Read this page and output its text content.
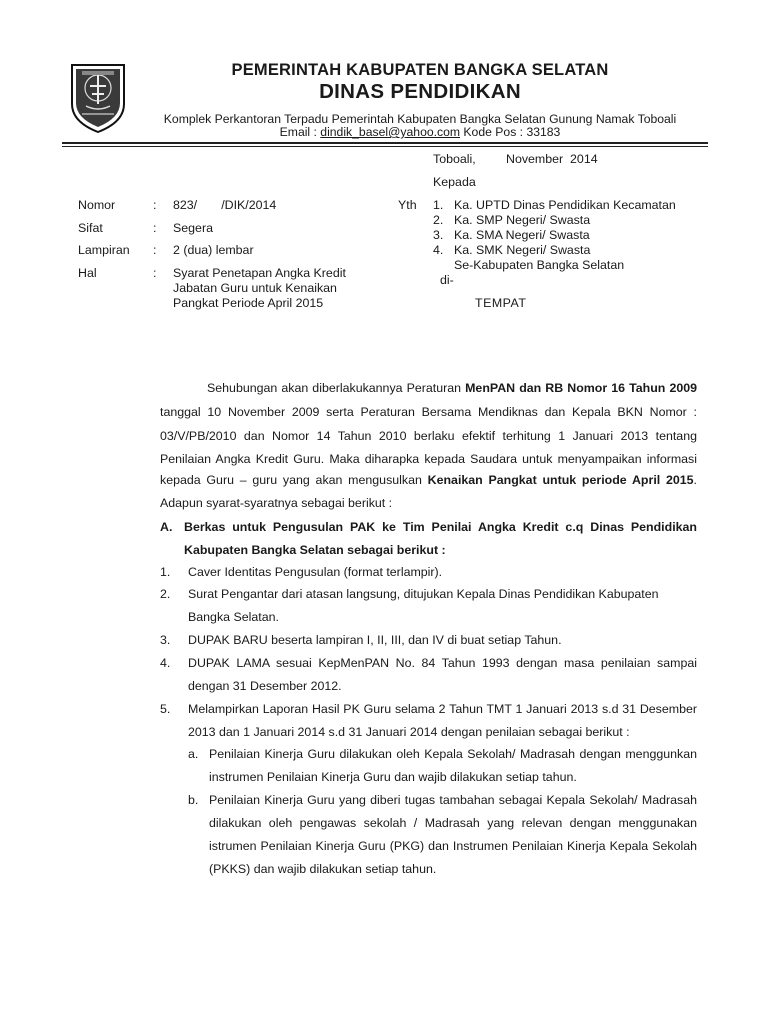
PEMERINTAH KABUPATEN BANGKA SELATAN
DINAS PENDIDIKAN
Komplek Perkantoran Terpadu Pemerintah Kabupaten Bangka Selatan Gunung Namak Toboali
Email : dindik_basel@yahoo.com Kode Pos : 33183
Toboali, November  2014
Kepada
Nomor	: 823/       /DIK/2014
Sifat	: Segera
Lampiran : 2 (dua) lembar
Hal	: Syarat Penetapan Angka Kredit
Jabatan Guru untuk Kenaikan
Pangkat Periode April 2015
Yth 1. Ka. UPTD Dinas Pendidikan Kecamatan
2. Ka. SMP Negeri/ Swasta
3. Ka. SMA Negeri/ Swasta
4. Ka. SMK Negeri/ Swasta
Se-Kabupaten Bangka Selatan
di-
TEMPAT
Sehubungan akan diberlakukannya Peraturan MenPAN dan RB Nomor 16 Tahun 2009
tanggal 10 November 2009 serta Peraturan Bersama Mendiknas dan Kepala BKN Nomor :
03/V/PB/2010 dan Nomor 14 Tahun 2010 berlaku efektif terhitung 1 Januari 2013 tentang
Penilaian Angka Kredit Guru. Maka diharapka kepada Saudara untuk menyampaikan informasi
kepada Guru – guru yang akan mengusulkan Kenaikan Pangkat untuk periode April 2015.
Adapun syarat-syaratnya sebagai berikut :
A. Berkas untuk Pengusulan PAK ke Tim Penilai Angka Kredit c.q Dinas Pendidikan
Kabupaten Bangka Selatan sebagai berikut :
1. Caver Identitas Pengusulan (format terlampir).
2. Surat Pengantar dari atasan langsung, ditujukan Kepala Dinas Pendidikan Kabupaten
Bangka Selatan.
3. DUPAK BARU beserta lampiran I, II, III, dan IV di buat setiap Tahun.
4. DUPAK LAMA sesuai KepMenPAN No. 84 Tahun 1993 dengan masa penilaian sampai
dengan 31 Desember 2012.
5. Melampirkan Laporan Hasil PK Guru selama 2 Tahun TMT 1 Januari 2013 s.d 31 Desember
2013 dan 1 Januari 2014 s.d 31 Januari 2014 dengan penilaian sebagai berikut :
a. Penilaian Kinerja Guru dilakukan oleh Kepala Sekolah/ Madrasah dengan menggunkan
instrumen Penilaian Kinerja Guru dan wajib dilakukan setiap tahun.
b. Penilaian Kinerja Guru yang diberi tugas tambahan sebagai Kepala Sekolah/ Madrasah
dilakukan oleh pengawas sekolah / Madrasah yang relevan dengan menggunakan
istrumen Penilaian Kinerja Guru (PKG) dan Instrumen Penilaian Kinerja Kepala Sekolah
(PKKS) dan wajib dilakukan setiap tahun.
